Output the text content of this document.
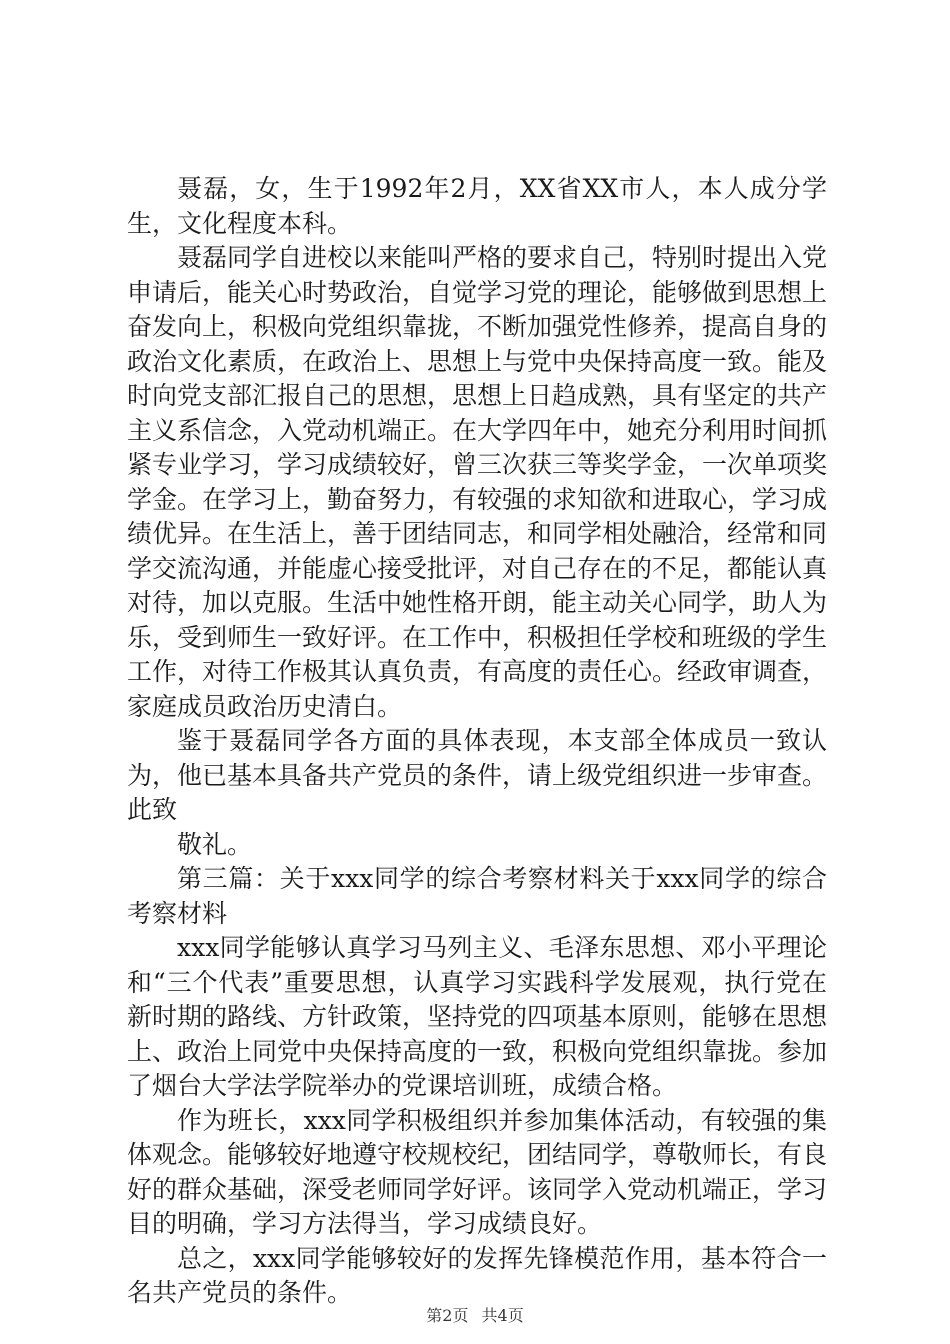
聂磊，女，生于1992年2月，XX省XX市人，本人成分学生，文化程度本科。

聂磊同学自进校以来能叫严格的要求自己，特别时提出入党申请后，能关心时势政治，自觉学习党的理论，能够做到思想上奋发向上，积极向党组织靠拢，不断加强党性修养，提高自身的政治文化素质，在政治上、思想上与党中央保持高度一致。能及时向党支部汇报自己的思想，思想上日趋成熟，具有坚定的共产主义系信念，入党动机端正。在大学四年中，她充分利用时间抓紧专业学习，学习成绩较好，曾三次获三等奖学金，一次单项奖学金。在学习上，勤奋努力，有较强的求知欲和进取心，学习成绩优异。在生活上，善于团结同志，和同学相处融洽，经常和同学交流沟通，并能虚心接受批评，对自己存在的不足，都能认真对待，加以克服。生活中她性格开朗，能主动关心同学，助人为乐，受到师生一致好评。在工作中，积极担任学校和班级的学生工作，对待工作极其认真负责，有高度的责任心。经政审调查，家庭成员政治历史清白。

鉴于聂磊同学各方面的具体表现，本支部全体成员一致认为，他已基本具备共产党员的条件，请上级党组织进一步审查。

此致

敬礼。

第三篇：关于xxx同学的综合考察材料关于xxx同学的综合考察材料

xxx同学能够认真学习马列主义、毛泽东思想、邓小平理论和“三个代表”重要思想，认真学习实践科学发展观，执行党在新时期的路线、方针政策，坚持党的四项基本原则，能够在思想上、政治上同党中央保持高度的一致，积极向党组织靠拢。参加了烟台大学法学院举办的党课培训班，成绩合格。

作为班长，xxx同学积极组织并参加集体活动，有较强的集体观念。能够较好地遵守校规校纪，团结同学，尊敬师长，有良好的群众基础，深受老师同学好评。该同学入党动机端正，学习目的明确，学习方法得当，学习成绩良好。

总之，xxx同学能够较好的发挥先锋模范作用，基本符合一名共产党员的条件。

第2页 共4页
